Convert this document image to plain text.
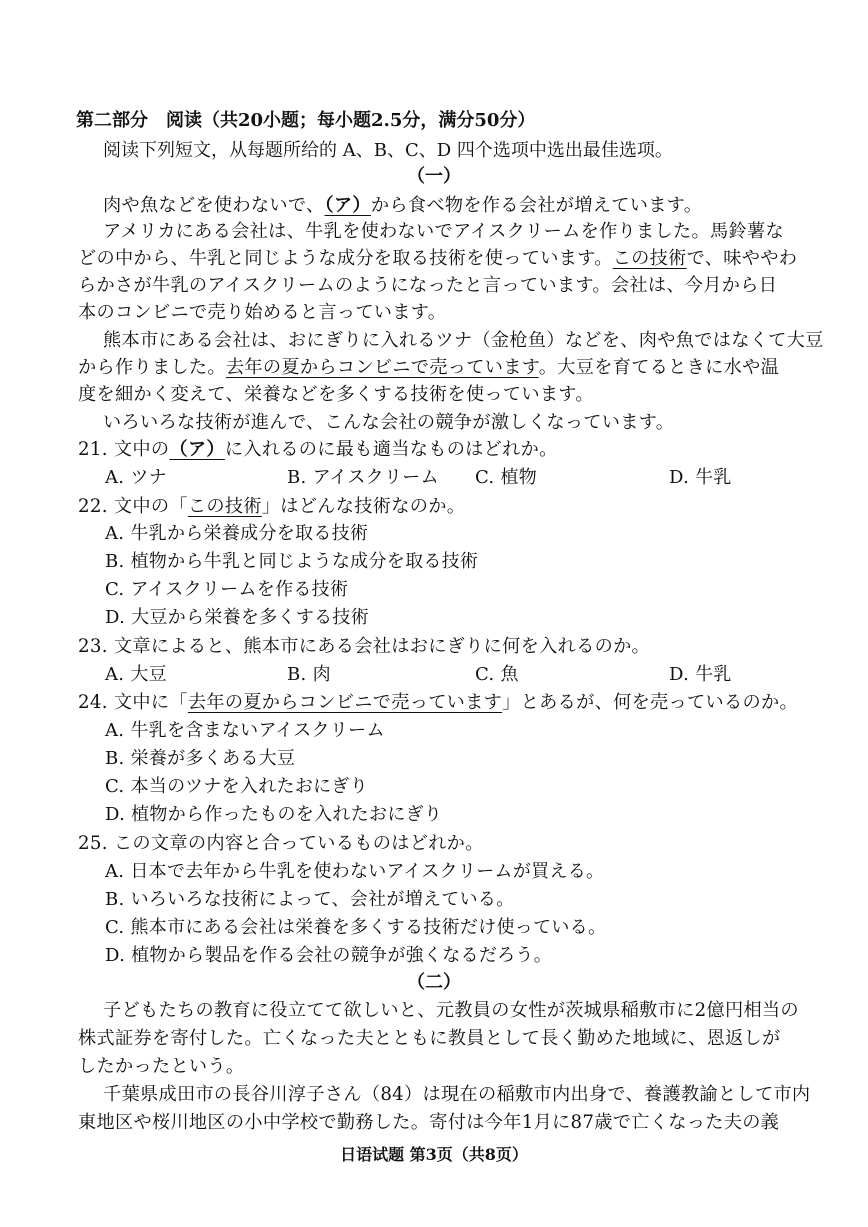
第二部分　阅读（共20小题；每小题2.5分，满分50分）
阅读下列短文，从每题所给的 A、B、C、D 四个选项中选出最佳选项。
（一）
肉や魚などを使わないで、（ア）から食べ物を作る会社が増えています。
アメリカにある会社は、牛乳を使わないでアイスクリームを作りました。馬鈴薯な
どの中から、牛乳と同じような成分を取る技術を使っています。この技術で、味ややわ
らかさが牛乳のアイスクリームのようになったと言っています。会社は、今月から日
本のコンビニで売り始めると言っています。
熊本市にある会社は、おにぎりに入れるツナ（金枪鱼）などを、肉や魚ではなくて大豆
から作りました。去年の夏からコンビニで売っています。大豆を育てるときに水や温
度を細かく変えて、栄養などを多くする技術を使っています。
いろいろな技術が進んで、こんな会社の競争が激しくなっています。
21. 文中の（ア）に入れるのに最も適当なものはどれか。
A. ツナ	B. アイスクリーム C. 植物	D. 牛乳
22. 文中の「この技術」はどんな技術なのか。
A. 牛乳から栄養成分を取る技術
B. 植物から牛乳と同じような成分を取る技術
C. アイスクリームを作る技術
D. 大豆から栄養を多くする技術
23. 文章によると、熊本市にある会社はおにぎりに何を入れるのか。
A. 大豆	B. 肉	C. 魚	D. 牛乳
24. 文中に「去年の夏からコンビニで売っています」とあるが、何を売っているのか。
A. 牛乳を含まないアイスクリーム
B. 栄養が多くある大豆
C. 本当のツナを入れたおにぎり
D. 植物から作ったものを入れたおにぎり
25. この文章の内容と合っているものはどれか。
A. 日本で去年から牛乳を使わないアイスクリームが買える。
B. いろいろな技術によって、会社が増えている。
C. 熊本市にある会社は栄養を多くする技術だけ使っている。
D. 植物から製品を作る会社の競争が強くなるだろう。
（二）
子どもたちの教育に役立てて欲しいと、元教員の女性が茨城県稲敷市に2億円相当の
株式証券を寄付した。亡くなった夫とともに教員として長く勤めた地域に、恩返しが
したかったという。
千葉県成田市の長谷川淳子さん（84）は現在の稲敷市内出身で、養護教諭として市内
東地区や桜川地区の小中学校で勤務した。寄付は今年1月に87歳で亡くなった夫の義
日语试题 第3页（共8页）
